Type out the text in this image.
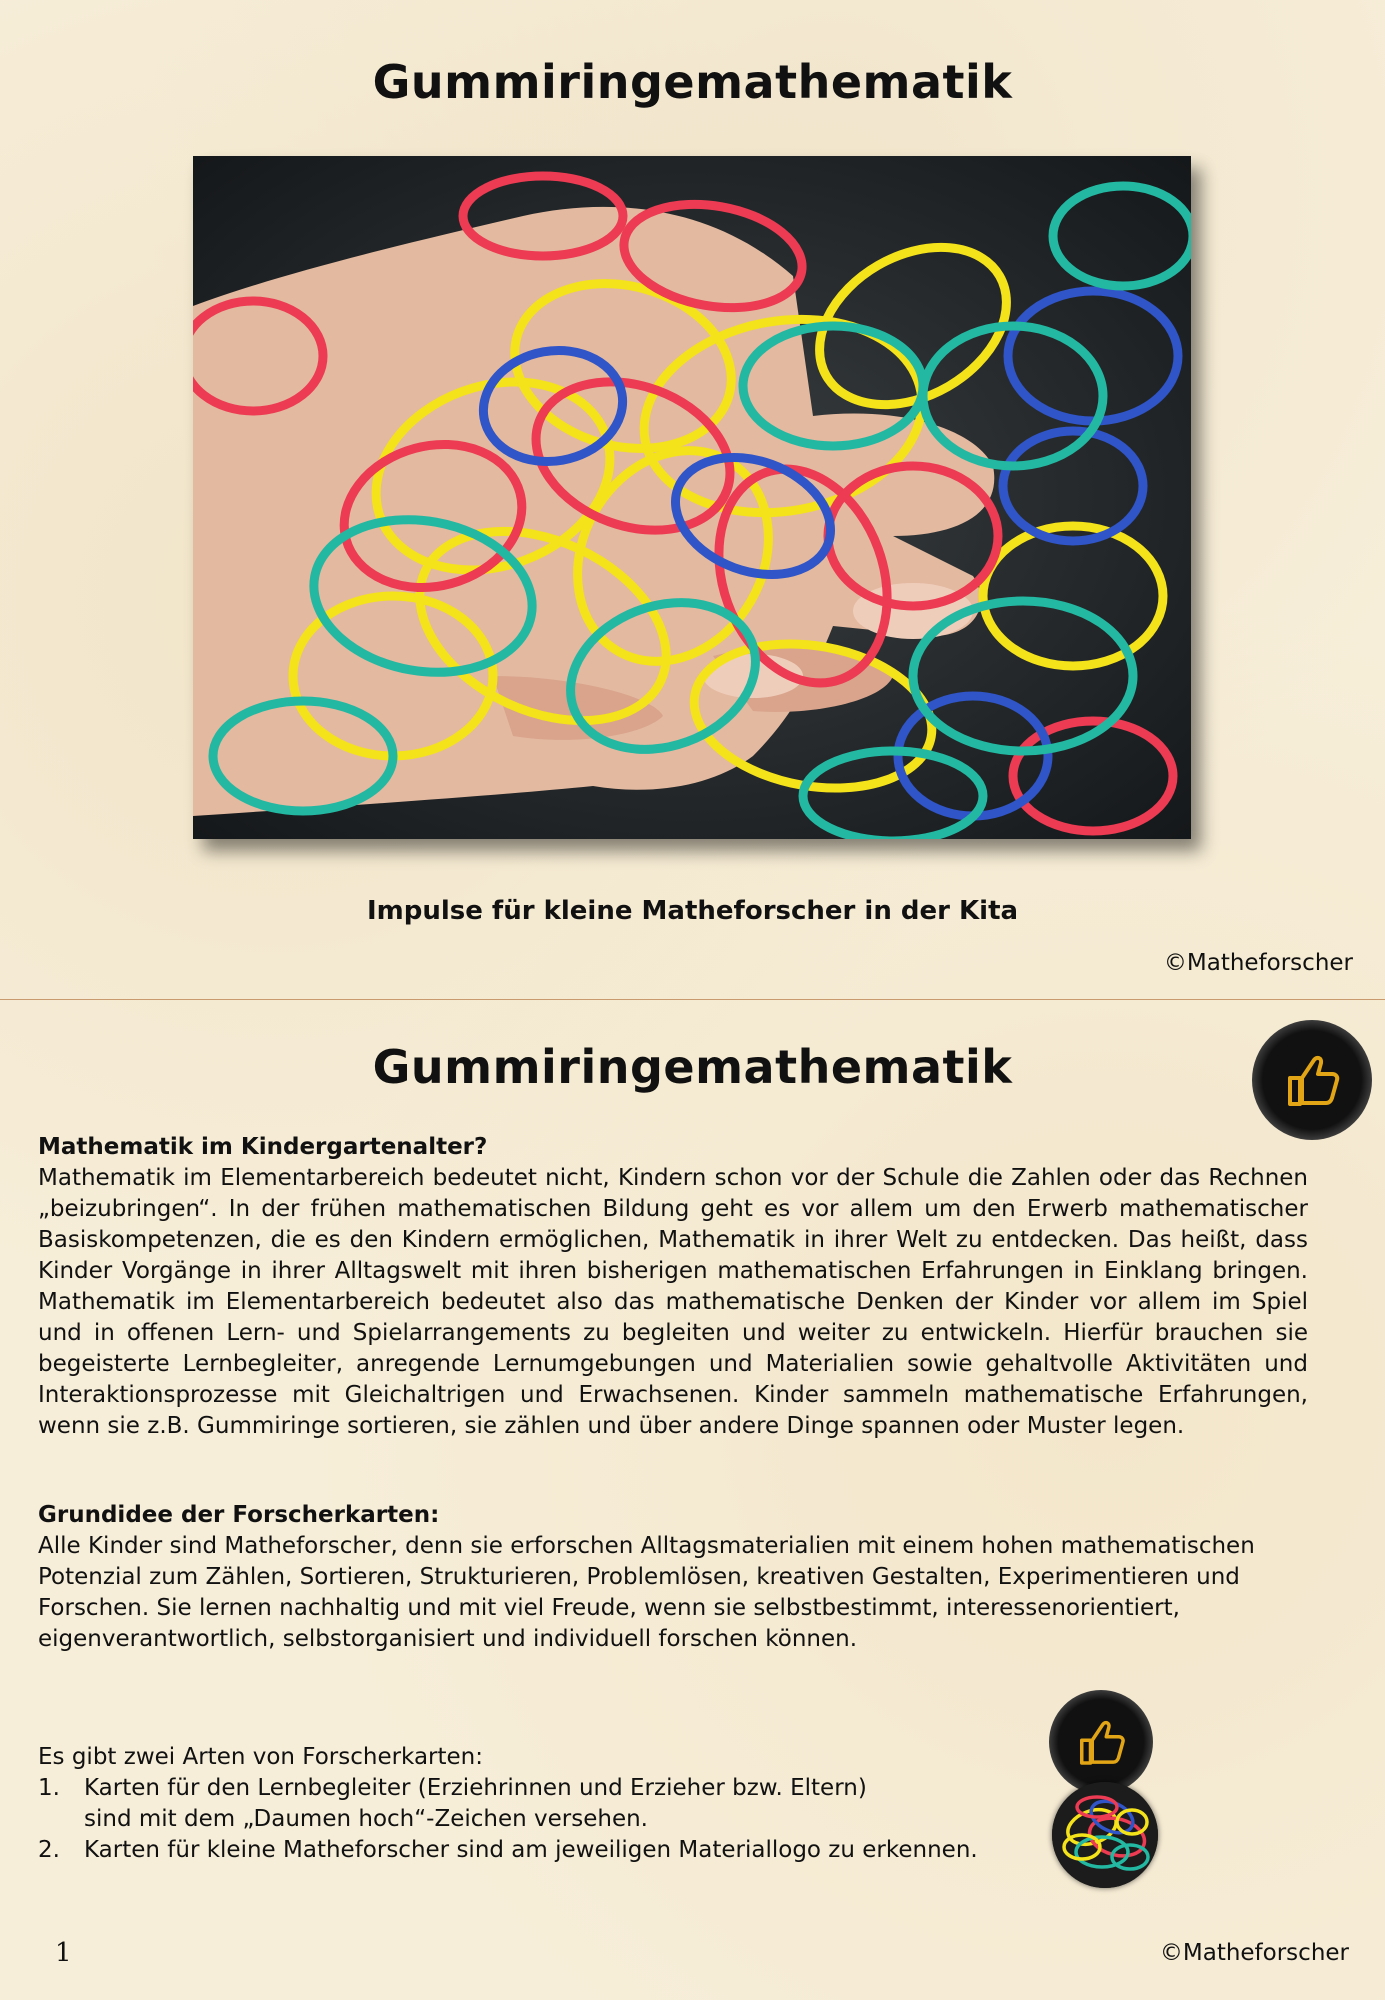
Gummiringemathematik
Impulse für kleine Matheforscher in der Kita
©Matheforscher
Gummiringemathematik
Mathematik im Kindergartenalter?

Mathematik im Elementarbereich bedeutet nicht, Kindern schon vor der Schule die Zahlen oder das Rechnen „beizubringen“. In der frühen mathematischen Bildung geht es vor allem um den Erwerb mathematischer Basiskompetenzen, die es den Kindern ermöglichen, Mathematik in ihrer Welt zu entdecken. Das heißt, dass Kinder Vorgänge in ihrer Alltagswelt mit ihren bisherigen mathematischen Erfahrungen in Einklang bringen. Mathematik im Elementarbereich bedeutet also das mathematische Denken der Kinder vor allem im Spiel und in offenen Lern- und Spielarrangements zu begleiten und weiter zu entwickeln. Hierfür brauchen sie begeisterte Lernbegleiter, anregende Lernumgebungen und Materialien sowie gehaltvolle Aktivitäten und Interaktionsprozesse mit Gleichaltrigen und Erwachsenen. Kinder sammeln mathematische Erfahrungen, wenn sie z.B. Gummiringe sortieren, sie zählen und über andere Dinge spannen oder Muster legen.

Grundidee der Forscherkarten:

Alle Kinder sind Matheforscher, denn sie erforschen Alltagsmaterialien mit einem hohen mathematischen Potenzial zum Zählen, Sortieren, Strukturieren, Problemlösen, kreativen Gestalten, Experimentieren und Forschen. Sie lernen nachhaltig und mit viel Freude, wenn sie selbstbestimmt, interessenorientiert, eigenverantwortlich, selbstorganisiert und individuell forschen können.

Es gibt zwei Arten von Forscherkarten:

1. Karten für den Lernbegleiter (Erziehrinnen und Erzieher bzw. Eltern)
sind mit dem „Daumen hoch“-Zeichen versehen.
2. Karten für kleine Matheforscher sind am jeweiligen Materiallogo zu erkennen.
1	©Matheforscher
